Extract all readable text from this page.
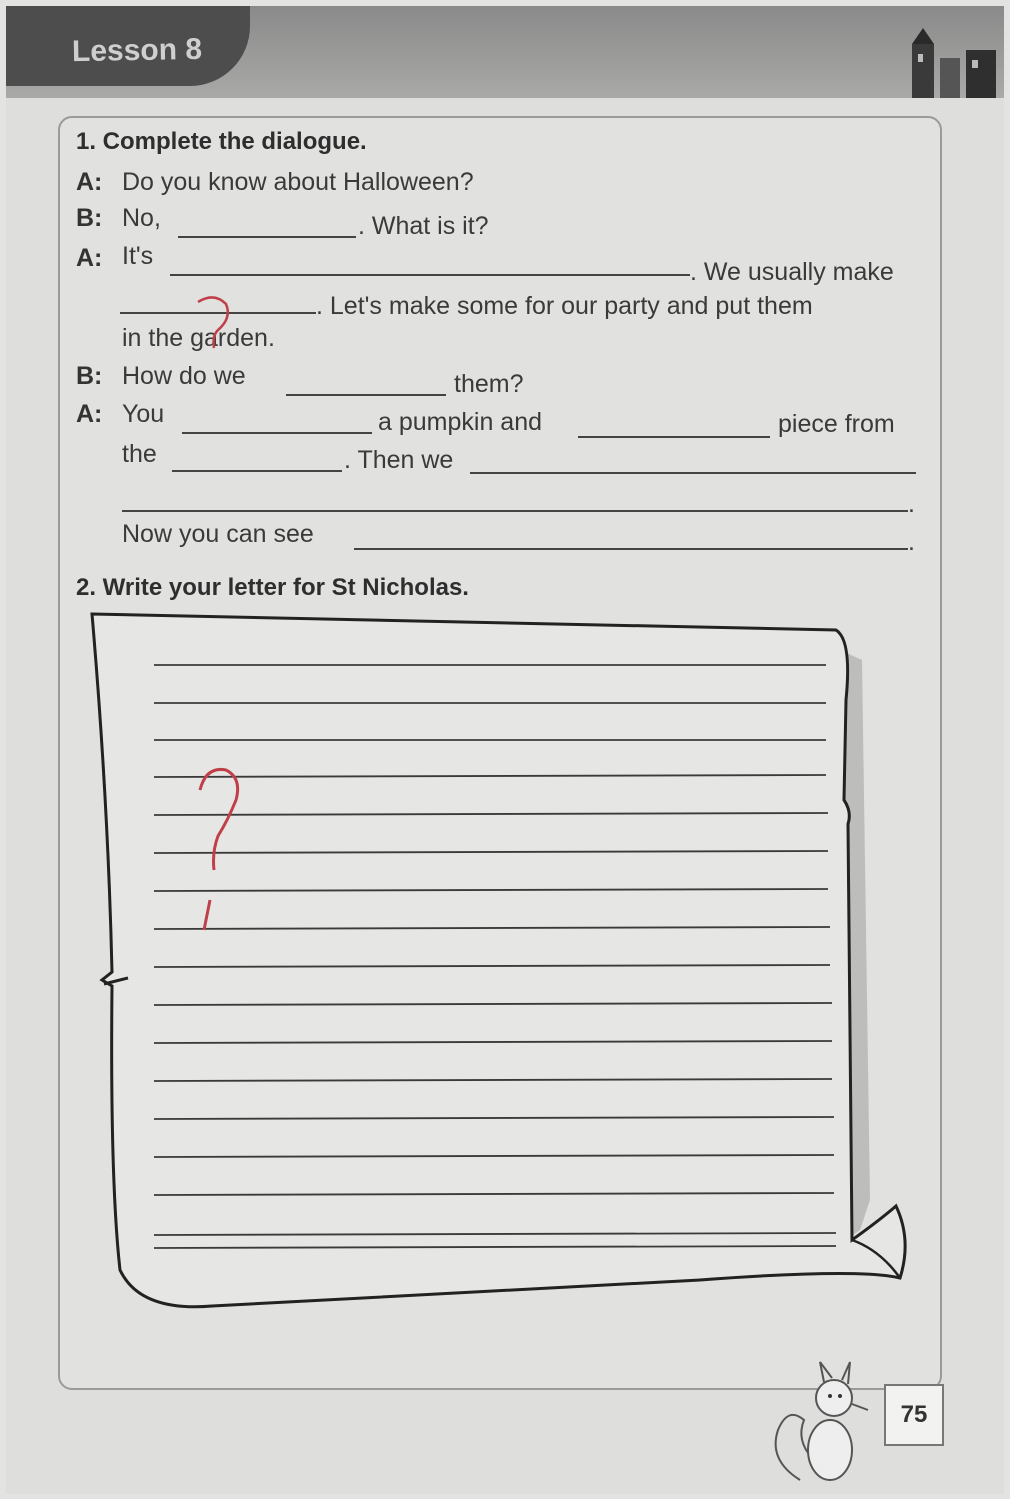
Lesson 8
1. Complete the dialogue.
A: Do you know about Halloween?
B: No,	. What is it?
A: It's
. We usually make
. Let's make some for our party and put them
in the garden.
B: How do we	them?
A: You	a pumpkin and	piece from
the	. Then we
.
Now you can see	.
2. Write your letter for St Nicholas.
75
